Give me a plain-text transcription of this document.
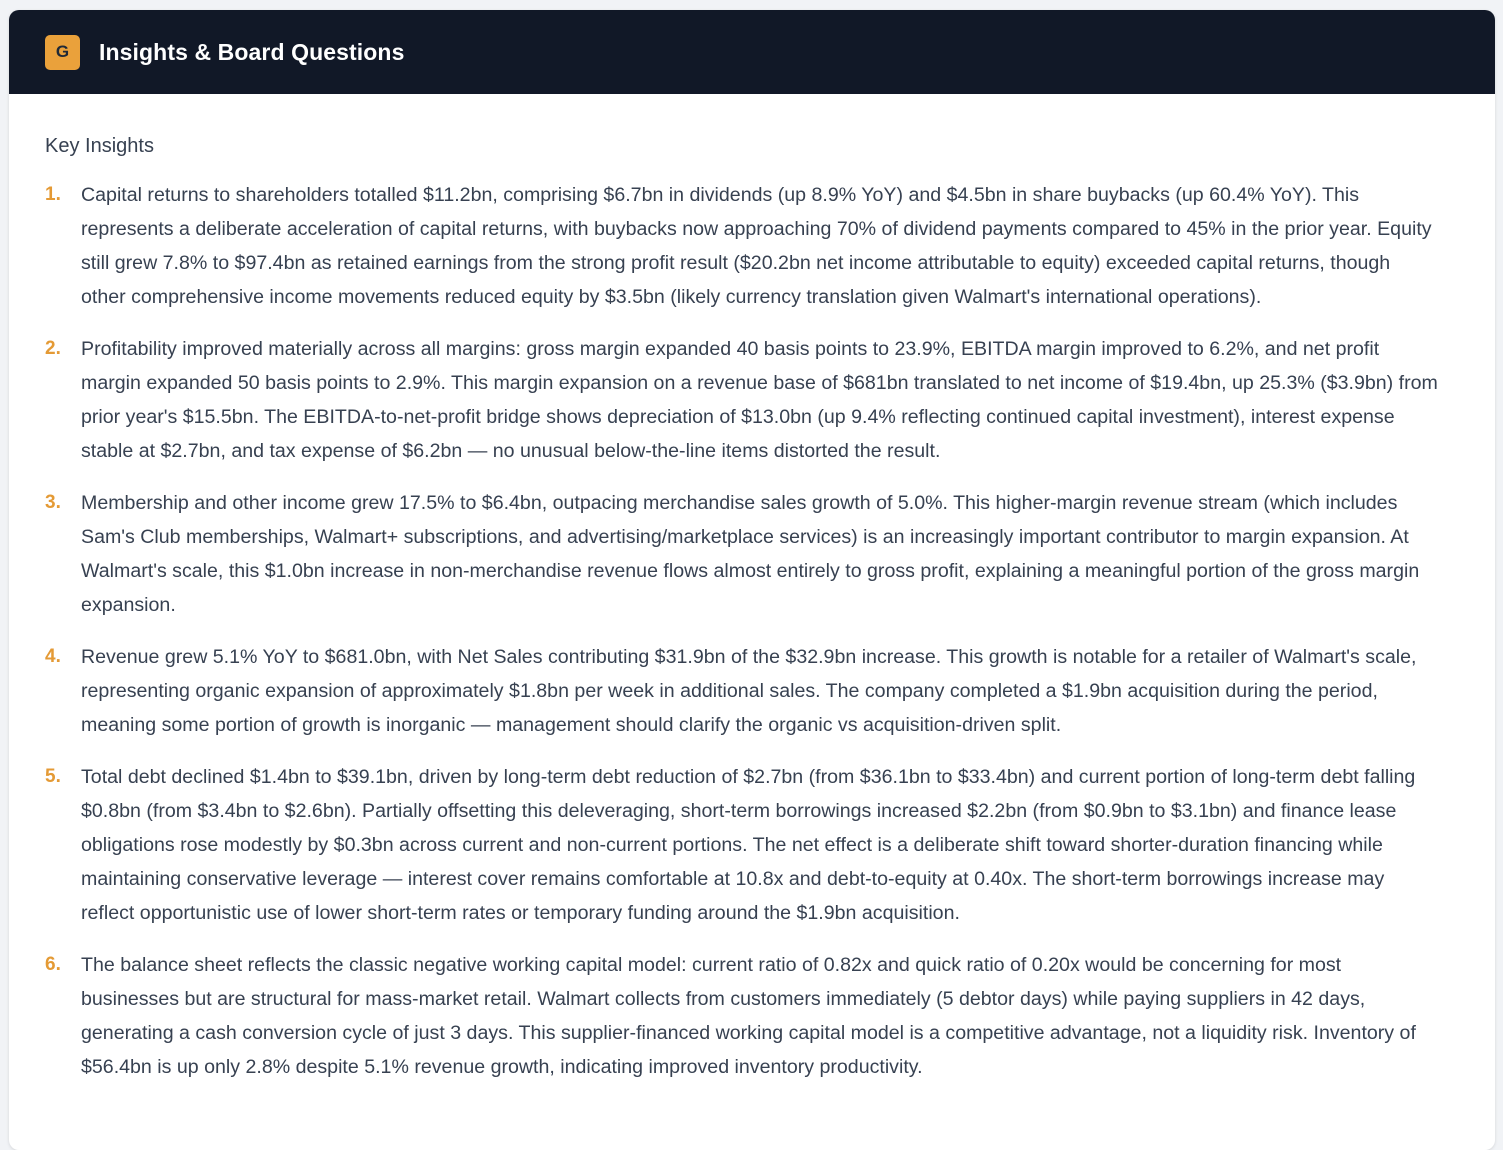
G	Insights & Board Questions
Key Insights
1.	Capital returns to shareholders totalled $11.2bn, comprising $6.7bn in dividends (up 8.9% YoY) and $4.5bn in share buybacks (up 60.4% YoY). This represents a deliberate acceleration of capital returns, with buybacks now approaching 70% of dividend payments compared to 45% in the prior year. Equity still grew 7.8% to $97.4bn as retained earnings from the strong profit result ($20.2bn net income attributable to equity) exceeded capital returns, though other comprehensive income movements reduced equity by $3.5bn (likely currency translation given Walmart's international operations).
2.	Profitability improved materially across all margins: gross margin expanded 40 basis points to 23.9%, EBITDA margin improved to 6.2%, and net profit margin expanded 50 basis points to 2.9%. This margin expansion on a revenue base of $681bn translated to net income of $19.4bn, up 25.3% ($3.9bn) from prior year's $15.5bn. The EBITDA-to-net-profit bridge shows depreciation of $13.0bn (up 9.4% reflecting continued capital investment), interest expense stable at $2.7bn, and tax expense of $6.2bn — no unusual below-the-line items distorted the result.
3.	Membership and other income grew 17.5% to $6.4bn, outpacing merchandise sales growth of 5.0%. This higher-margin revenue stream (which includes Sam's Club memberships, Walmart+ subscriptions, and advertising/marketplace services) is an increasingly important contributor to margin expansion. At Walmart's scale, this $1.0bn increase in non-merchandise revenue flows almost entirely to gross profit, explaining a meaningful portion of the gross margin expansion.
4.	Revenue grew 5.1% YoY to $681.0bn, with Net Sales contributing $31.9bn of the $32.9bn increase. This growth is notable for a retailer of Walmart's scale, representing organic expansion of approximately $1.8bn per week in additional sales. The company completed a $1.9bn acquisition during the period, meaning some portion of growth is inorganic — management should clarify the organic vs acquisition-driven split.
5.	Total debt declined $1.4bn to $39.1bn, driven by long-term debt reduction of $2.7bn (from $36.1bn to $33.4bn) and current portion of long-term debt falling $0.8bn (from $3.4bn to $2.6bn). Partially offsetting this deleveraging, short-term borrowings increased $2.2bn (from $0.9bn to $3.1bn) and finance lease obligations rose modestly by $0.3bn across current and non-current portions. The net effect is a deliberate shift toward shorter-duration financing while maintaining conservative leverage — interest cover remains comfortable at 10.8x and debt-to-equity at 0.40x. The short-term borrowings increase may reflect opportunistic use of lower short-term rates or temporary funding around the $1.9bn acquisition.
6.	The balance sheet reflects the classic negative working capital model: current ratio of 0.82x and quick ratio of 0.20x would be concerning for most businesses but are structural for mass-market retail. Walmart collects from customers immediately (5 debtor days) while paying suppliers in 42 days, generating a cash conversion cycle of just 3 days. This supplier-financed working capital model is a competitive advantage, not a liquidity risk. Inventory of $56.4bn is up only 2.8% despite 5.1% revenue growth, indicating improved inventory productivity.
